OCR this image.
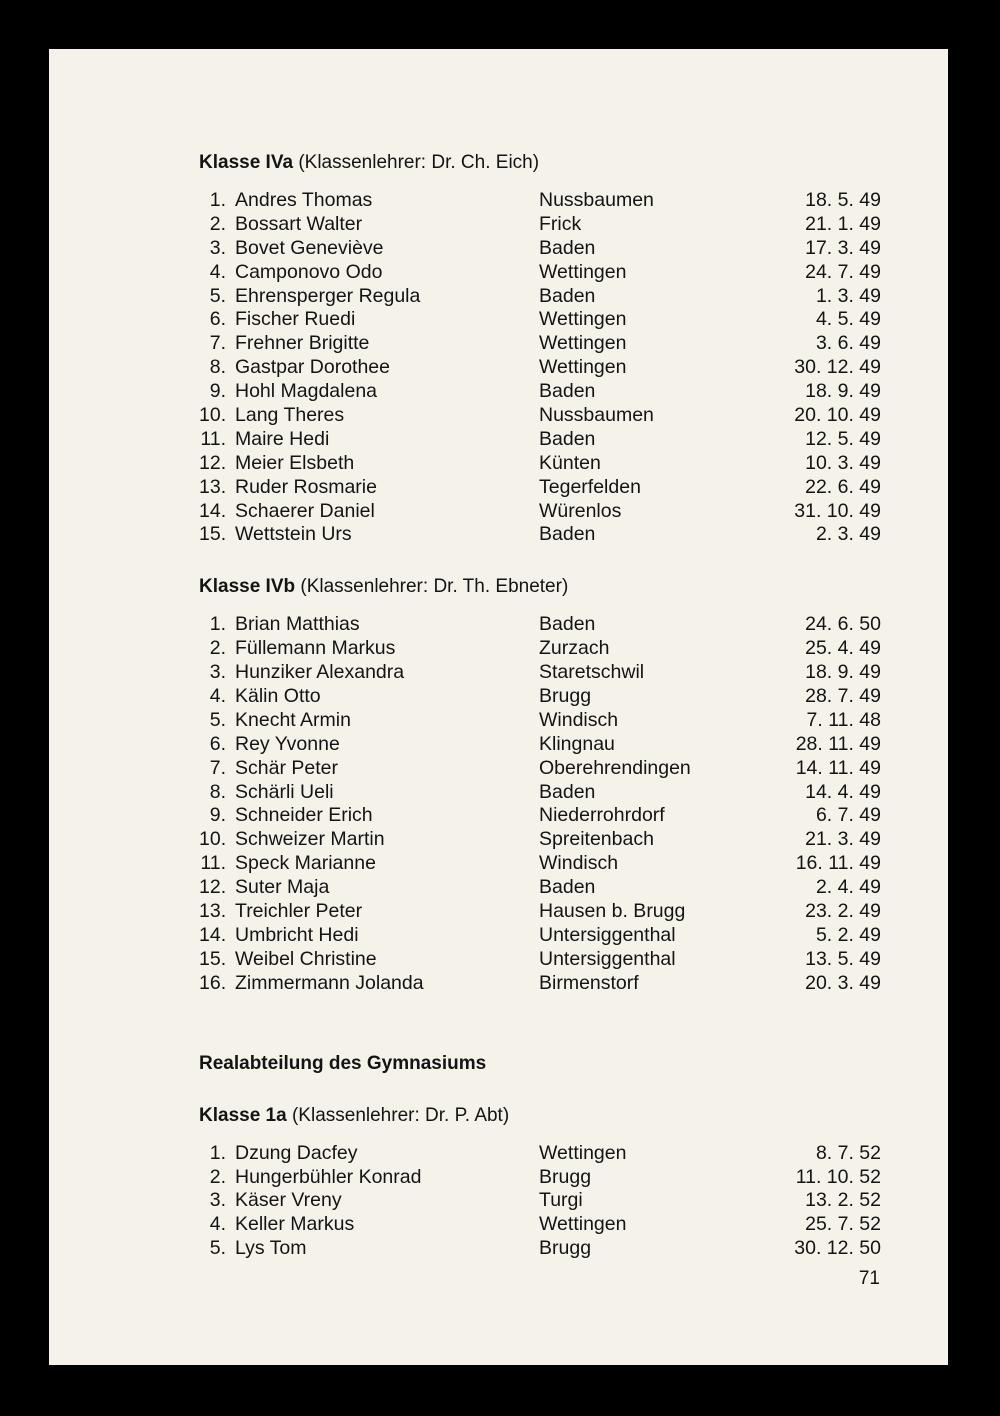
Klasse IVa (Klassenlehrer: Dr. Ch. Eich)
1. Andres Thomas	Nussbaumen	18. 5. 49
2. Bossart Walter	Frick	21. 1. 49
3. Bovet Geneviève	Baden	17. 3. 49
4. Camponovo Odo	Wettingen	24. 7. 49
5. Ehrensperger Regula	Baden	1. 3. 49
6. Fischer Ruedi	Wettingen	4. 5. 49
7. Frehner Brigitte	Wettingen	3. 6. 49
8. Gastpar Dorothee	Wettingen	30. 12. 49
9. Hohl Magdalena	Baden	18. 9. 49
10. Lang Theres	Nussbaumen	20. 10. 49
11. Maire Hedi	Baden	12. 5. 49
12. Meier Elsbeth	Künten	10. 3. 49
13. Ruder Rosmarie	Tegerfelden	22. 6. 49
14. Schaerer Daniel	Würenlos	31. 10. 49
15. Wettstein Urs	Baden	2. 3. 49
Klasse IVb (Klassenlehrer: Dr. Th. Ebneter)
1. Brian Matthias	Baden	24. 6. 50
2. Füllemann Markus	Zurzach	25. 4. 49
3. Hunziker Alexandra	Staretschwil	18. 9. 49
4. Kälin Otto	Brugg	28. 7. 49
5. Knecht Armin	Windisch	7. 11. 48
6. Rey Yvonne	Klingnau	28. 11. 49
7. Schär Peter	Oberehrendingen	14. 11. 49
8. Schärli Ueli	Baden	14. 4. 49
9. Schneider Erich	Niederrohrdorf	6. 7. 49
10. Schweizer Martin	Spreitenbach	21. 3. 49
11. Speck Marianne	Windisch	16. 11. 49
12. Suter Maja	Baden	2. 4. 49
13. Treichler Peter	Hausen b. Brugg	23. 2. 49
14. Umbricht Hedi	Untersiggenthal	5. 2. 49
15. Weibel Christine	Untersiggenthal	13. 5. 49
16. Zimmermann Jolanda	Birmenstorf	20. 3. 49
Realabteilung des Gymnasiums
Klasse 1a (Klassenlehrer: Dr. P. Abt)
1. Dzung Dacfey	Wettingen	8. 7. 52
2. Hungerbühler Konrad	Brugg	11. 10. 52
3. Käser Vreny	Turgi	13. 2. 52
4. Keller Markus	Wettingen	25. 7. 52
5. Lys Tom	Brugg	30. 12. 50
71
